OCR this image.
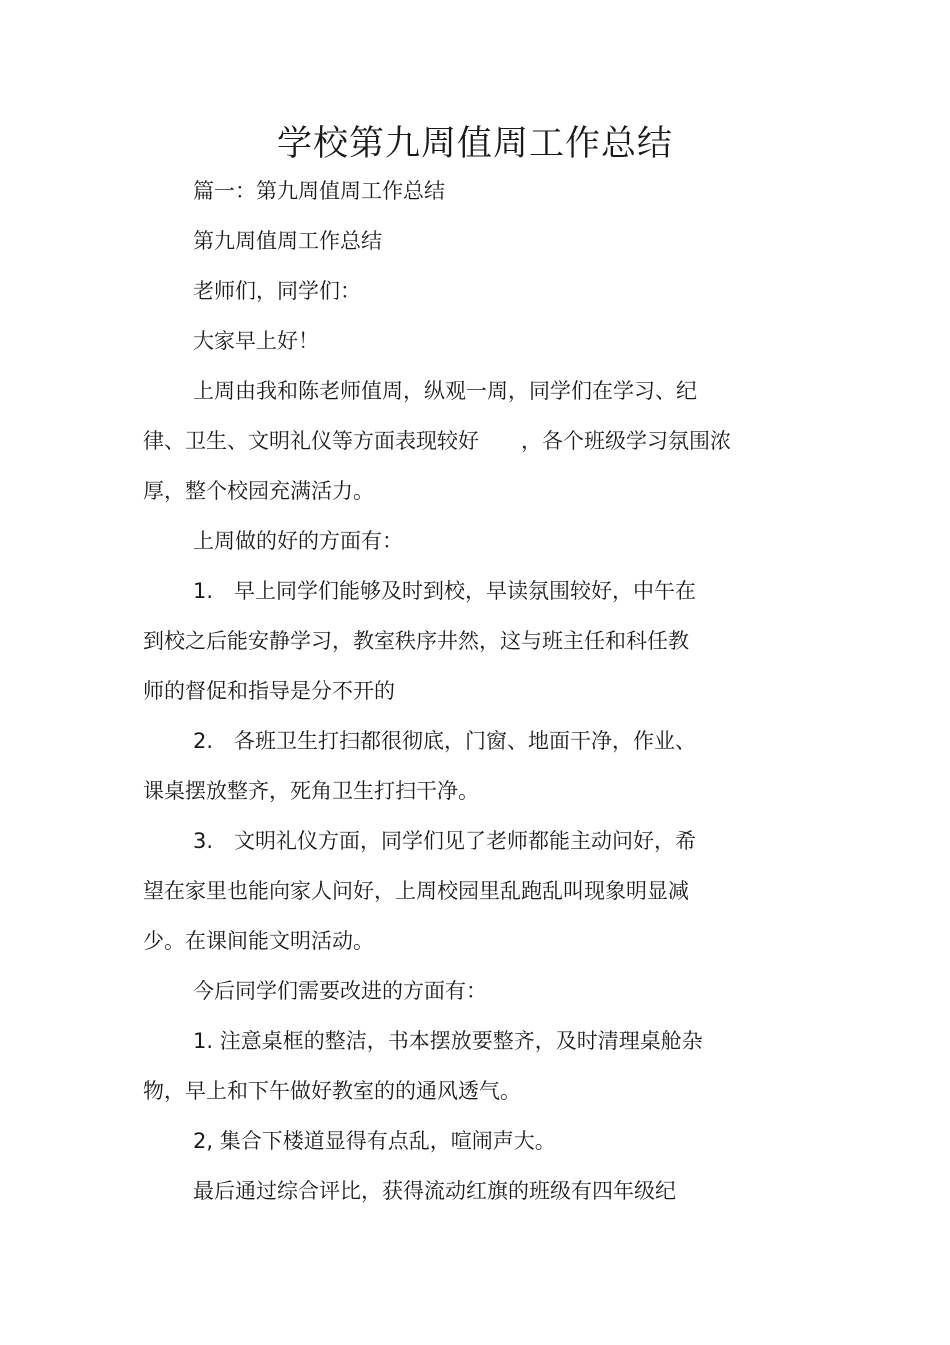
学校第九周值周工作总结

篇一：第九周值周工作总结

第九周值周工作总结

老师们，同学们：

大家早上好！

上周由我和陈老师值周，纵观一周，同学们在学习、纪

律、卫生、文明礼仪等方面表现较好　　，各个班级学习氛围浓

厚，整个校园充满活力。

上周做的好的方面有：

1.　早上同学们能够及时到校，早读氛围较好，中午在

到校之后能安静学习，教室秩序井然，这与班主任和科任教

师的督促和指导是分不开的

2.　各班卫生打扫都很彻底，门窗、地面干净，作业、

课桌摆放整齐，死角卫生打扫干净。

3.　文明礼仪方面，同学们见了老师都能主动问好，希

望在家里也能向家人问好，上周校园里乱跑乱叫现象明显减

少。在课间能文明活动。

今后同学们需要改进的方面有：

1. 注意桌框的整洁，书本摆放要整齐，及时清理桌舱杂

物，早上和下午做好教室的的通风透气。

2, 集合下楼道显得有点乱，喧闹声大。

最后通过综合评比，获得流动红旗的班级有四年级纪
